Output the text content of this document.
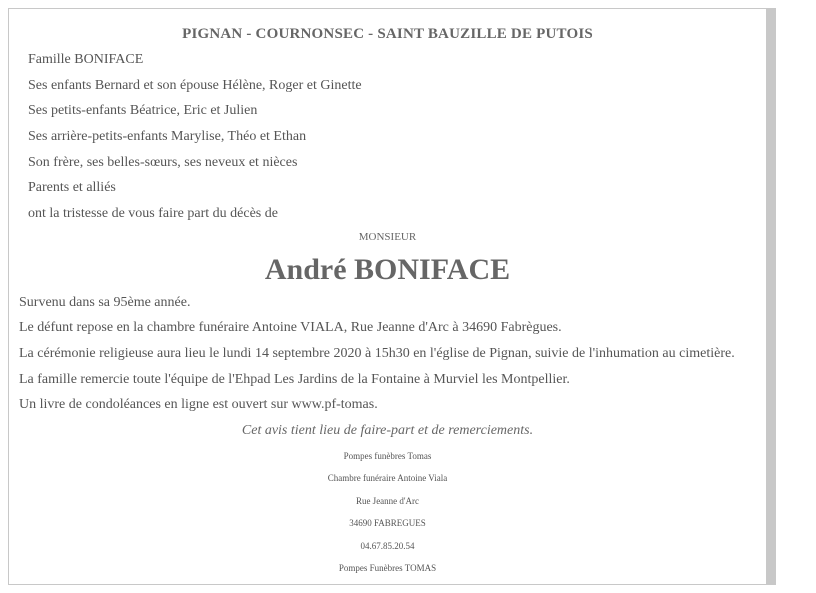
PIGNAN - COURNONSEC - SAINT BAUZILLE DE PUTOIS
Famille BONIFACE
Ses enfants Bernard et son épouse Hélène, Roger et Ginette
Ses petits-enfants Béatrice, Eric et Julien
Ses arrière-petits-enfants Marylise, Théo et Ethan
Son frère, ses belles-sœurs, ses neveux et nièces
Parents et alliés
ont la tristesse de vous faire part du décès de
MONSIEUR
André BONIFACE
Survenu dans sa 95ème année.
Le défunt repose en la chambre funéraire Antoine VIALA, Rue Jeanne d'Arc à 34690 Fabrègues.
La cérémonie religieuse aura lieu le lundi 14 septembre 2020 à 15h30 en l'église de Pignan, suivie de l'inhumation au cimetière.
La famille remercie toute l'équipe de l'Ehpad Les Jardins de la Fontaine à Murviel les Montpellier.
Un livre de condoléances en ligne est ouvert sur www.pf-tomas.
Cet avis tient lieu de faire-part et de remerciements.
Pompes funèbres Tomas
Chambre funéraire Antoine Viala
Rue Jeanne d'Arc
34690 FABREGUES
04.67.85.20.54
Pompes Funèbres TOMAS
